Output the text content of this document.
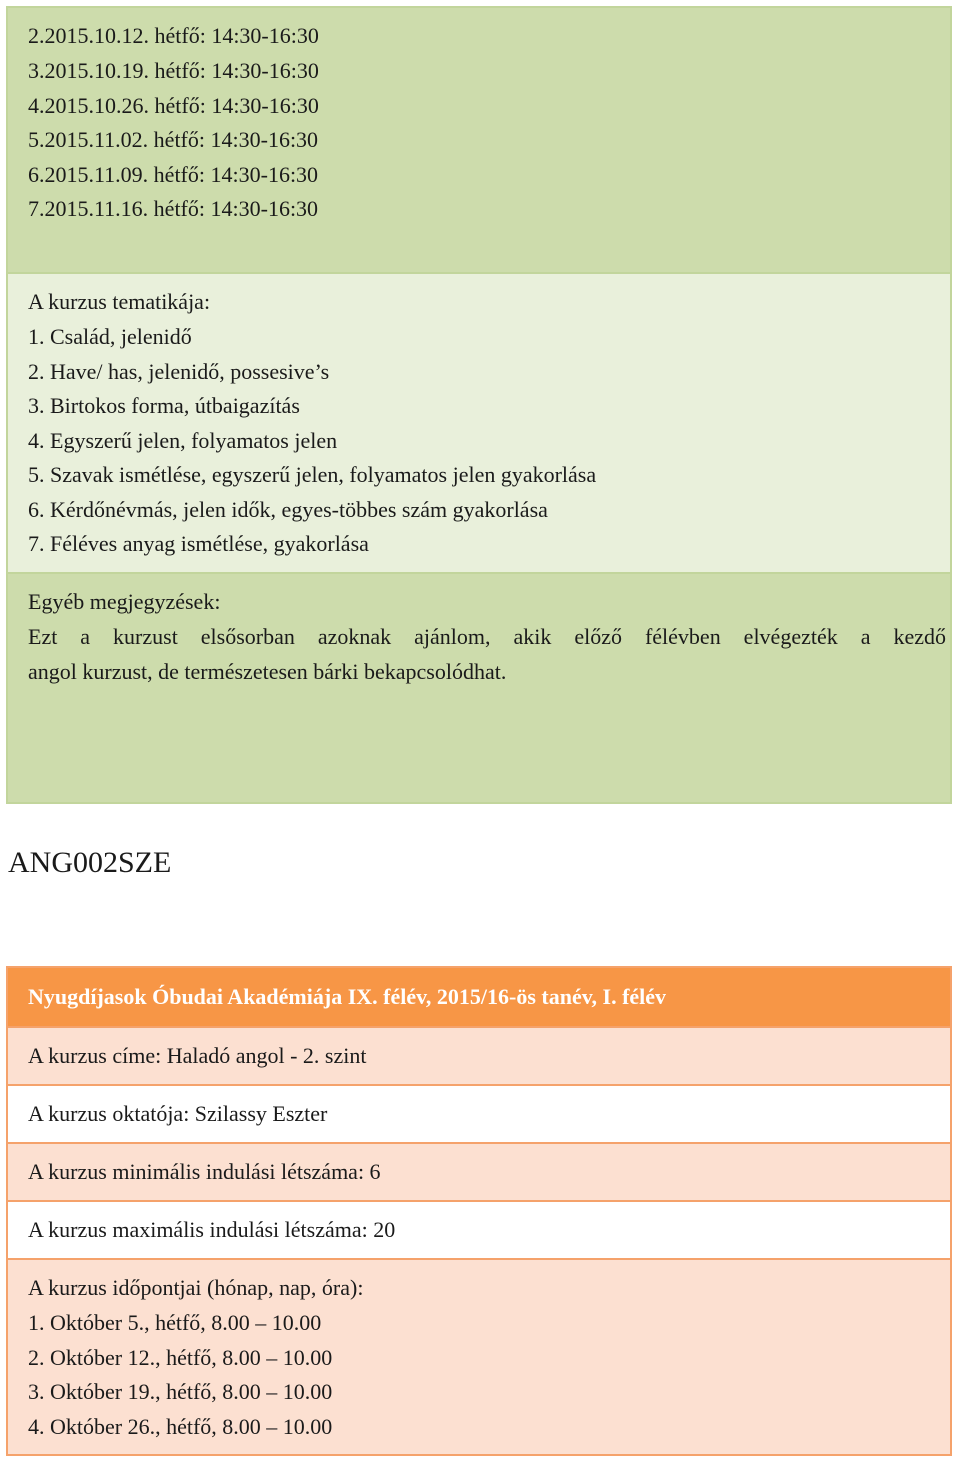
2.2015.10.12. hétfő: 14:30-16:30
3.2015.10.19. hétfő: 14:30-16:30
4.2015.10.26. hétfő: 14:30-16:30
5.2015.11.02. hétfő: 14:30-16:30
6.2015.11.09. hétfő: 14:30-16:30
7.2015.11.16. hétfő: 14:30-16:30
A kurzus tematikája:
1. Család, jelenidő
2. Have/ has, jelenidő, possesive’s
3. Birtokos forma, útbaigazítás
4. Egyszerű jelen, folyamatos jelen
5. Szavak ismétlése, egyszerű jelen, folyamatos jelen gyakorlása
6. Kérdőnévmás, jelen idők, egyes-többes szám gyakorlása
7. Féléves anyag ismétlése, gyakorlása
Egyéb megjegyzések:
Ezt a kurzust elsősorban azoknak ajánlom, akik előző félévben elvégezték a kezdő
angol kurzust, de természetesen bárki bekapcsolódhat.
ANG002SZE
Nyugdíjasok Óbudai Akadémiája IX. félév, 2015/16-ös tanév, I. félév
A kurzus címe: Haladó angol - 2. szint
A kurzus oktatója: Szilassy Eszter
A kurzus minimális indulási létszáma: 6
A kurzus maximális indulási létszáma: 20
A kurzus időpontjai (hónap, nap, óra):
1. Október 5., hétfő, 8.00 – 10.00
2. Október 12., hétfő, 8.00 – 10.00
3. Október 19., hétfő, 8.00 – 10.00
4. Október 26., hétfő, 8.00 – 10.00
